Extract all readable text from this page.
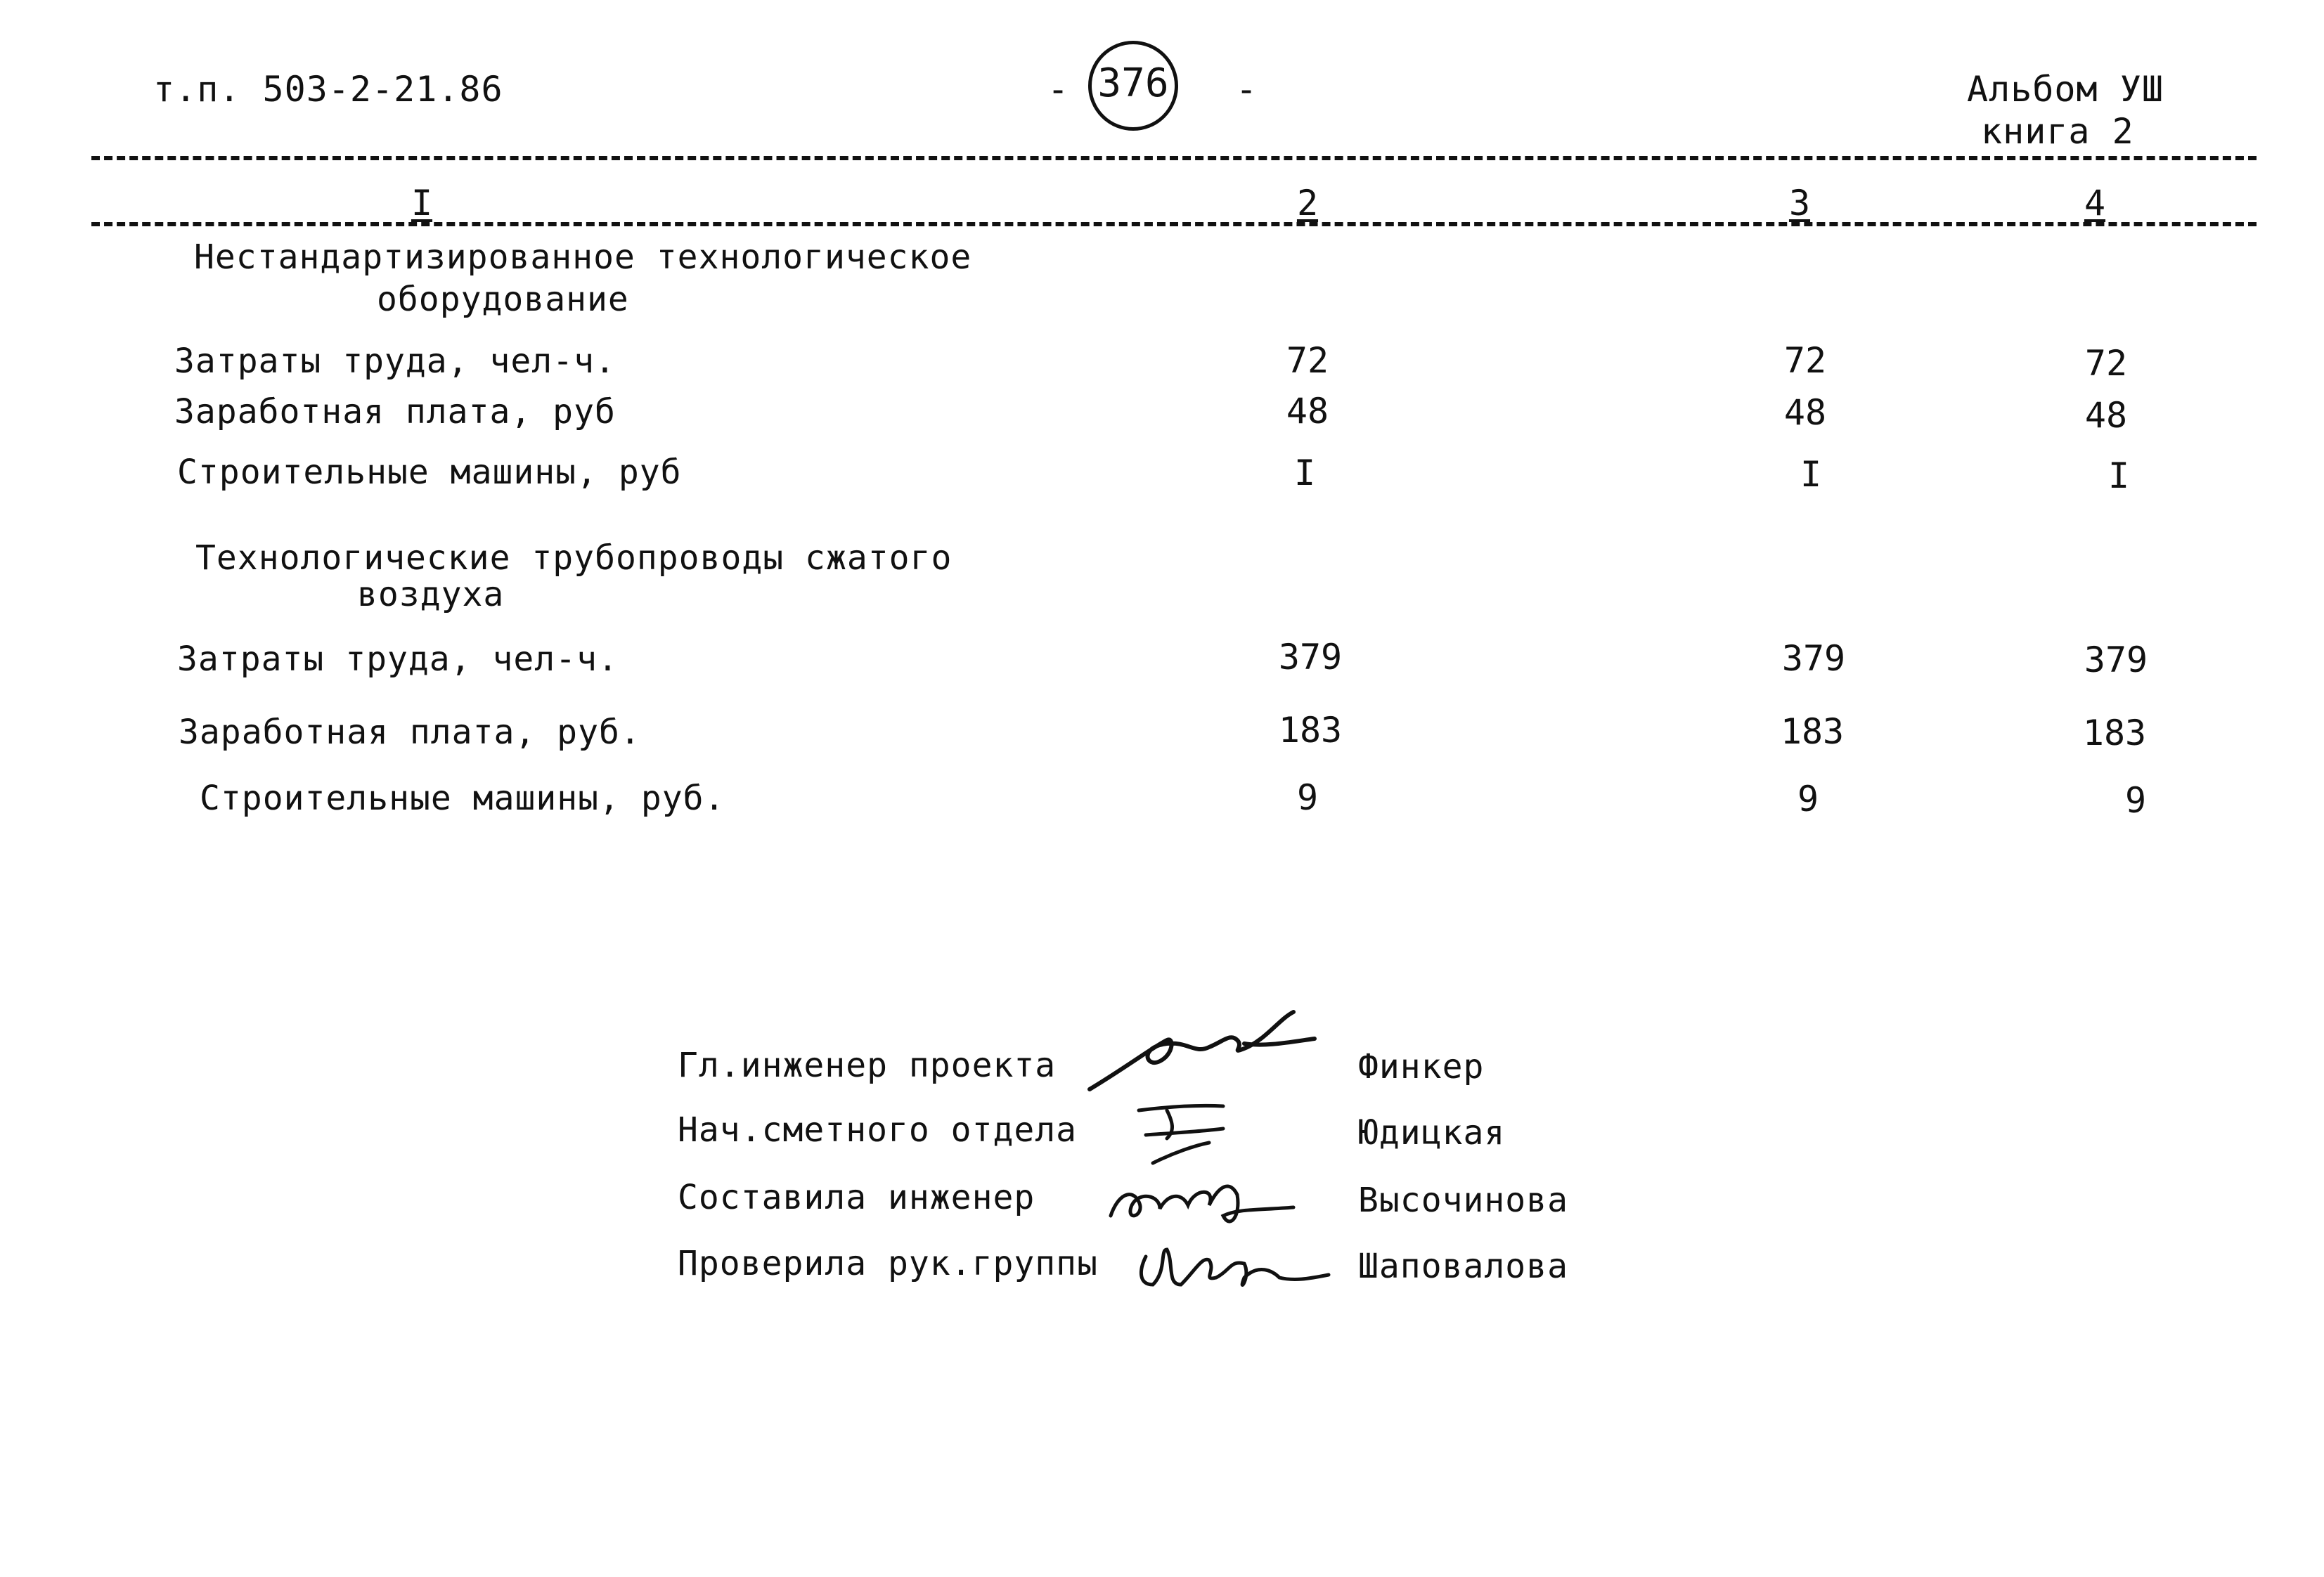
т.п. 503-2-21.86	- 376 -	Альбом УШ
книга 2
I	2	3	4
Нестандартизированное технологическое
оборудование
Затраты труда, чел-ч.	72	72	72
Заработная плата, руб	48	48	48
Строительные машины, руб	I	I	I
Технологические трубопроводы сжатого
воздуха
Затраты труда, чел-ч.	379	379	379
Заработная плата, руб.	183	183	183
Строительные машины, руб.	9	9	9
Гл.инженер проекта	Финкер
Нач.сметного отдела	Юдицкая
Составила инженер	Высочинова
Проверила рук.группы	Шаповалова
